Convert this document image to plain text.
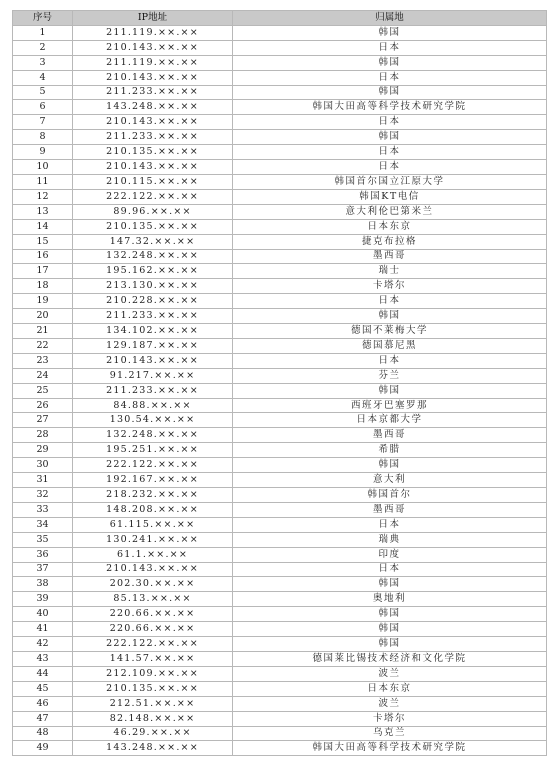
序号	IP地址	归属地
1	211.119.××.××	韩国
2	210.143.××.××	日本
3	211.119.××.××	韩国
4	210.143.××.××	日本
5	211.233.××.××	韩国
6	143.248.××.××	韩国大田高等科学技术研究学院
7	210.143.××.××	日本
8	211.233.××.××	韩国
9	210.135.××.××	日本
10	210.143.××.××	日本
11	210.115.××.××	韩国首尔国立江原大学
12	222.122.××.××	韩国KT电信
13	89.96.××.××	意大利伦巴第米兰
14	210.135.××.××	日本东京
15	147.32.××.××	捷克布拉格
16	132.248.××.××	墨西哥
17	195.162.××.××	瑞士
18	213.130.××.××	卡塔尔
19	210.228.××.××	日本
20	211.233.××.××	韩国
21	134.102.××.××	德国不莱梅大学
22	129.187.××.××	德国慕尼黑
23	210.143.××.××	日本
24	91.217.××.××	芬兰
25	211.233.××.××	韩国
26	84.88.××.××	西班牙巴塞罗那
27	130.54.××.××	日本京都大学
28	132.248.××.××	墨西哥
29	195.251.××.××	希腊
30	222.122.××.××	韩国
31	192.167.××.××	意大利
32	218.232.××.××	韩国首尔
33	148.208.××.××	墨西哥
34	61.115.××.××	日本
35	130.241.××.××	瑞典
36	61.1.××.××	印度
37	210.143.××.××	日本
38	202.30.××.××	韩国
39	85.13.××.××	奥地利
40	220.66.××.××	韩国
41	220.66.××.××	韩国
42	222.122.××.××	韩国
43	141.57.××.××	德国莱比锡技术经济和文化学院
44	212.109.××.××	波兰
45	210.135.××.××	日本东京
46	212.51.××.××	波兰
47	82.148.××.××	卡塔尔
48	46.29.××.××	乌克兰
49	143.248.××.××	韩国大田高等科学技术研究学院
